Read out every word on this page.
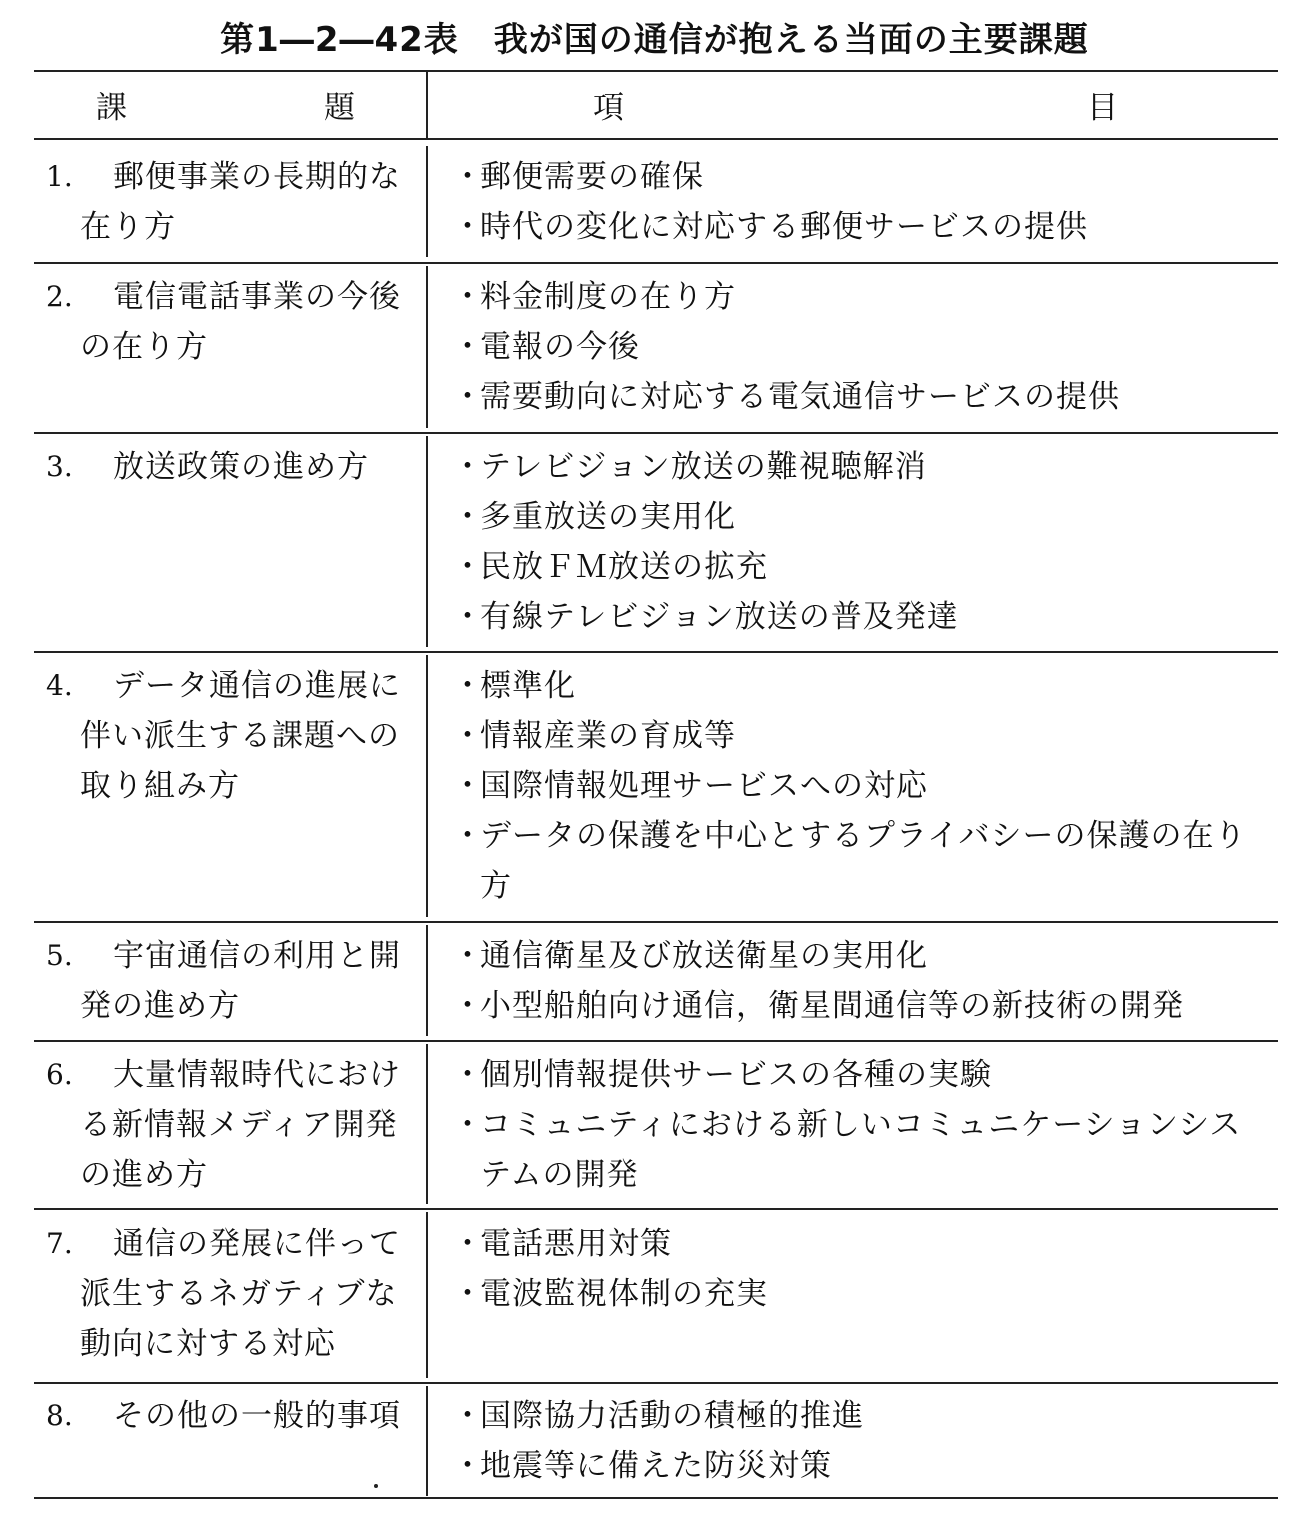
第1―2―42表　我が国の通信が抱える当面の主要課題
課	題	項	目
1.	郵便事業の長期的な在り方
・
郵便需要の確保
・
時代の変化に対応する郵便サービスの提供
2.	電信電話事業の今後の在り方
・
料金制度の在り方
・
電報の今後
・
需要動向に対応する電気通信サービスの提供
3.	放送政策の進め方	・
テレビジョン放送の難視聴解消
・
多重放送の実用化
・
民放ＦＭ放送の拡充
・
有線テレビジョン放送の普及発達
4.	データ通信の進展に伴い派生する課題への取り組み方
・
標準化
・
情報産業の育成等
・
国際情報処理サービスへの対応
・
データの保護を中心とするプライバシーの保護の在り方
5.	宇宙通信の利用と開発の進め方
・
通信衛星及び放送衛星の実用化
・
小型船舶向け通信，衛星間通信等の新技術の開発
6.	大量情報時代における新情報メディア開発の進め方
・
個別情報提供サービスの各種の実験
・
コミュニティにおける新しいコミュニケーションシステムの開発
7.	通信の発展に伴って派生するネガティブな動向に対する対応
・
電話悪用対策
・
電波監視体制の充実
8.	その他の一般的事項	・
国際協力活動の積極的推進
・
地震等に備えた防災対策
